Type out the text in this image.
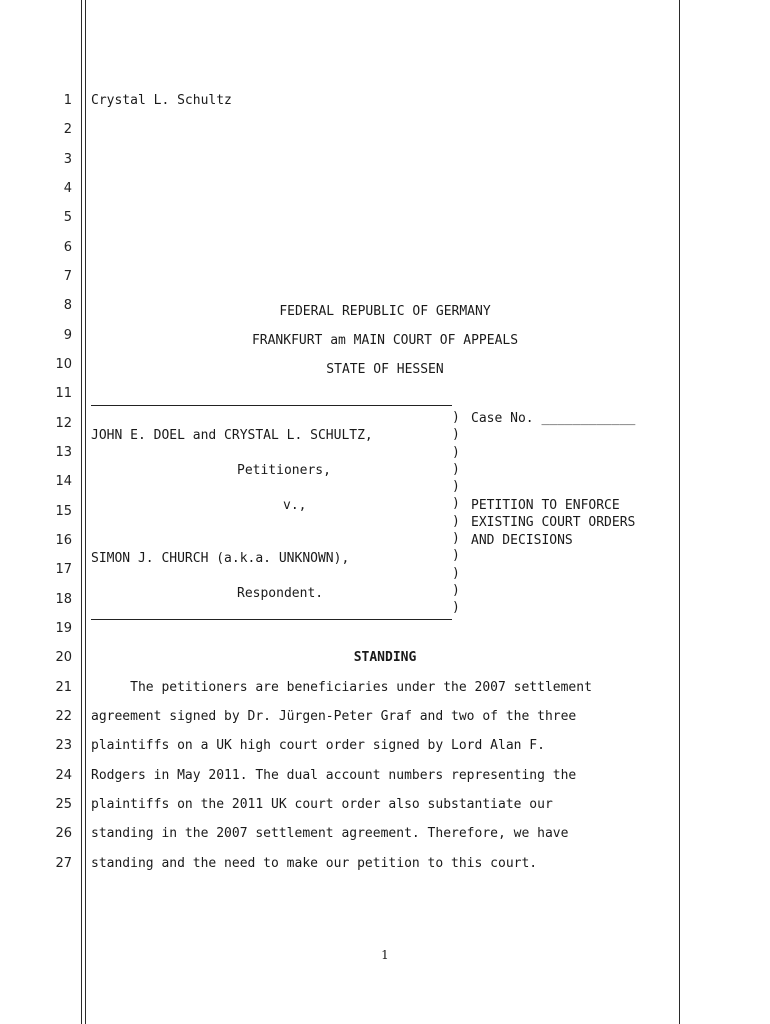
1
2
3
4
5
6
7
8
9
10
11
12
13
14
15
16
17
18
19
20
21
22
23
24
25
26
27
Crystal L. Schultz
FEDERAL REPUBLIC OF GERMANY
FRANKFURT am MAIN COURT OF APPEALS
STATE OF HESSEN
)
)
)
)
)
)
)
)
)
)
)
)
JOHN E. DOEL and CRYSTAL L. SCHULTZ,
Petitioners,
v.,
SIMON J. CHURCH (a.k.a. UNKNOWN),
Respondent.
Case No. ____________
PETITION TO ENFORCE
EXISTING COURT ORDERS
AND DECISIONS
STANDING
The petitioners are beneficiaries under the 2007 settlement
agreement signed by Dr. Jürgen-Peter Graf and two of the three
plaintiffs on a UK high court order signed by Lord Alan F.
Rodgers in May 2011. The dual account numbers representing the
plaintiffs on the 2011 UK court order also substantiate our
standing in the 2007 settlement agreement. Therefore, we have
standing and the need to make our petition to this court.
1
